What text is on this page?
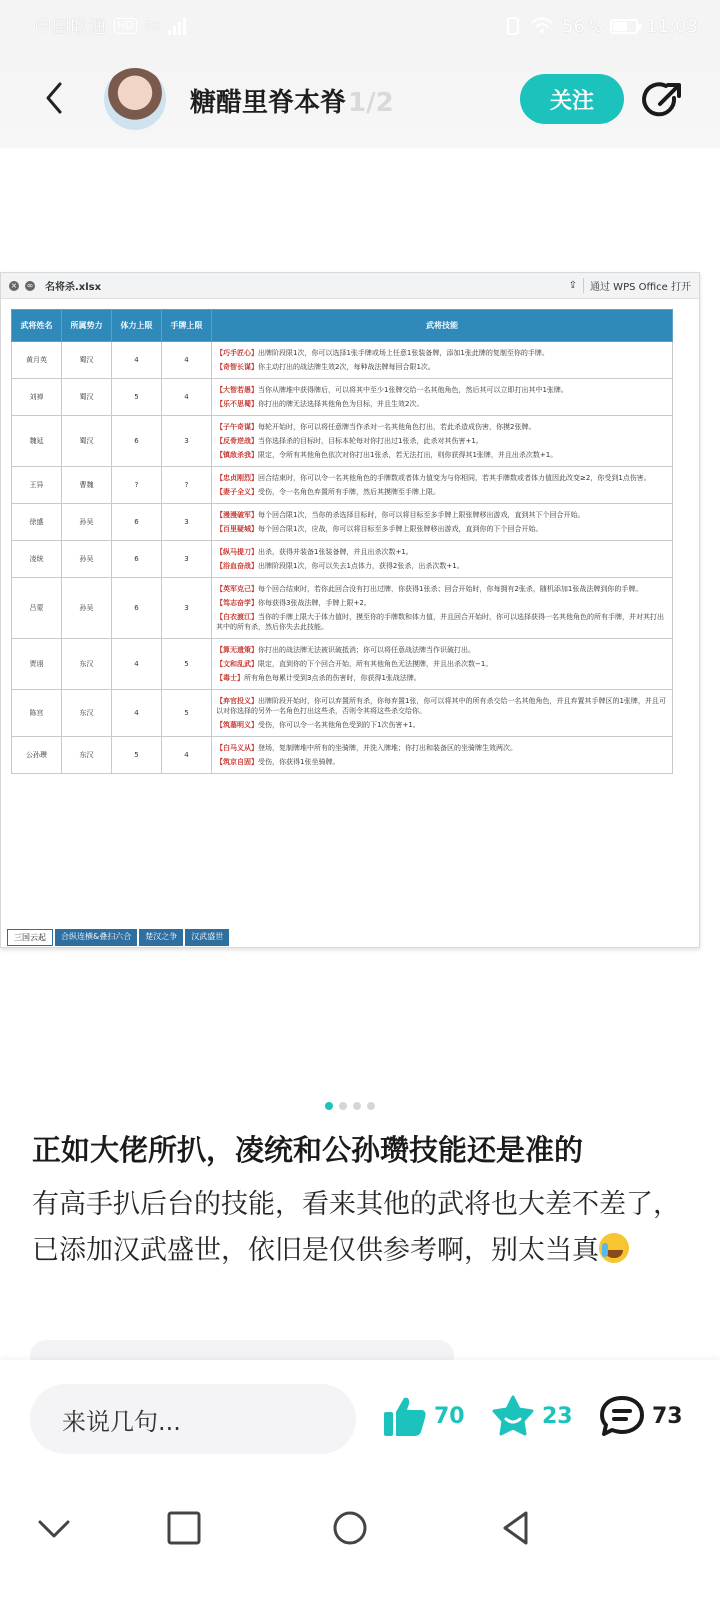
中国联通 HD 5G	56% 11:03
糖醋里脊本脊1/2	关注
× ∞ 名将杀.xlsx	⇪	通过 WPS Office 打开
武将姓名	所属势力	体力上限	手牌上限	武将技能
黄月英	蜀汉	4	4	【巧手匠心】出牌阶段限1次，你可以选择1张手牌或场上任意1张装备牌，添加1张此牌的复制至你的手牌。
【奇智长谋】你主动打出的战法牌生效2次，每种战法牌每回合限1次。

刘禅	蜀汉	5	4	【大智若愚】当你从牌堆中获得牌后，可以将其中至少1张牌交给一名其他角色，然后其可以立即打出其中1张牌。
【乐不思蜀】你打出的牌无法选择其他角色为目标，并且生效2次。

魏延	蜀汉	6	3	【子午奇谋】每轮开始时，你可以将任意牌当作杀对一名其他角色打出，若此杀造成伤害，你摸2张牌。
【反骨逆战】当你选择杀的目标时，目标本轮每对你打出过1张杀，此杀对其伤害+1。
【镇敌杀我】限定，令所有其他角色依次对你打出1张杀，若无法打出，则你获得其1张牌，并且出杀次数+1。

王异	曹魏	?	?	【忠贞刚烈】回合结束时，你可以令一名其他角色的手牌数或者体力值变为与你相同，若其手牌数或者体力值因此改变≥2，你受到1点伤害。
【妻子全义】受伤，令一名角色弃置所有手牌，然后其摸牌至手牌上限。

徐盛	孙吴	6	3	【漫漫破军】每个回合限1次，当你的杀选择目标时，你可以将目标至多手牌上限张牌移出游戏，直到其下个回合开始。
【百里疑城】每个回合限1次，应战，你可以将目标至多手牌上限张牌移出游戏，直到你的下个回合开始。

凌统	孙吴	6	3	【纵马提刀】出杀，获得并装备1张装备牌，并且出杀次数+1。
【浴血奋战】出牌阶段限1次，你可以失去1点体力，获得2张杀，出杀次数+1。

吕蒙	孙吴	6	3	【英军克己】每个回合结束时，若你此回合没有打出过牌，你获得1张杀；回合开始时，你每拥有2张杀，随机添加1张战法牌到你的手牌。
【笃志奋学】你每获得3张战法牌，手牌上限+2。
【白衣渡江】当你的手牌上限大于体力值时，摸至你的手牌数和体力值，并且回合开始时，你可以选择获得一名其他角色的所有手牌，并对其打出其中的所有杀，然后你失去此技能。

贾诩	东汉	4	5	【算无遗策】你打出的战法牌无法被识破抵消；你可以将任意战法牌当作识破打出。
【文和乱武】限定，直到你的下个回合开始，所有其他角色无法摸牌，并且出杀次数−1。
【毒士】所有角色每累计受到3点杀的伤害时，你获得1张战法牌。

陈宫	东汉	4	5	【弃官投义】出牌阶段开始时，你可以弃置所有杀，你每弃置1张，你可以将其中的所有杀交给一名其他角色，并且弃置其手牌区的1张牌，并且可以对你选择的另外一名角色打出这些杀，否则令其将这些杀交给你。
【筑墓明义】受伤，你可以令一名其他角色受到的下1次伤害+1。

公孙瓒	东汉	5	4	【白马义从】登场，复制牌堆中所有的坐骑牌，并洗入牌堆；你打出和装备区的坐骑牌生效两次。
【筑京自固】受伤，你获得1张坐骑牌。
三国云起	合纵连横&叠扫六合	楚汉之争	汉武盛世
正如大佬所扒，凌统和公孙瓒技能还是准的
有高手扒后台的技能，看来其他的武将也大差不差了，已添加汉武盛世，依旧是仅供参考啊，别太当真
来说几句...	70	23	73
